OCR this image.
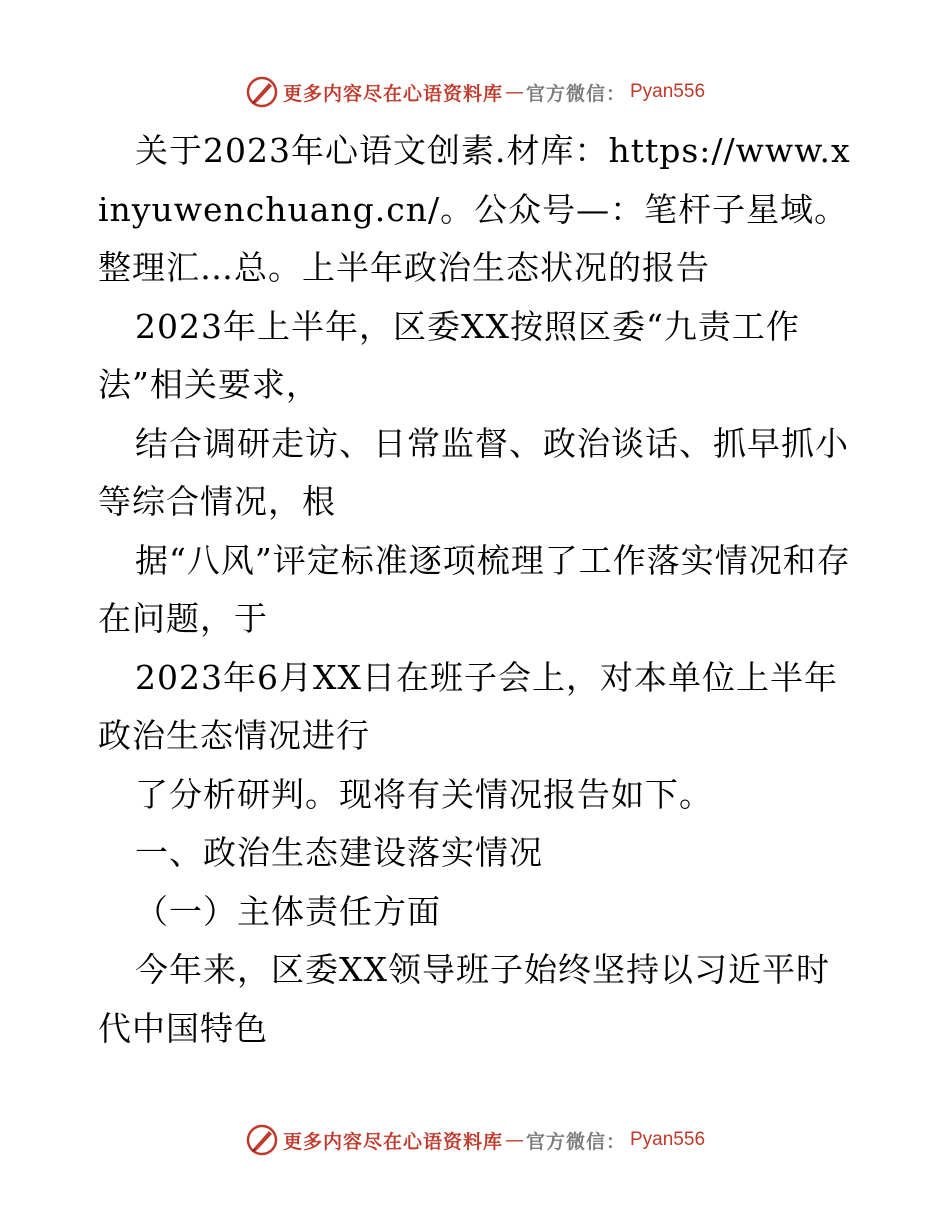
更多内容尽在心语资料库 — 官方微信： Pyan556

关于2023年心语文创素.材库：https://www.xinyuwenchuang.cn/。公众号—：笔杆子星域。整理汇…总。上半年政治生态状况的报告

2023年上半年，区委XX按照区委“九责工作法”相关要求，

结合调研走访、日常监督、政治谈话、抓早抓小等综合情况，根

据“八风”评定标准逐项梳理了工作落实情况和存在问题，于

2023年6月XX日在班子会上，对本单位上半年政治生态情况进行

了分析研判。现将有关情况报告如下。

一、政治生态建设落实情况

（一）主体责任方面

今年来，区委XX领导班子始终坚持以习近平时代中国特色

更多内容尽在心语资料库 — 官方微信： Pyan556
